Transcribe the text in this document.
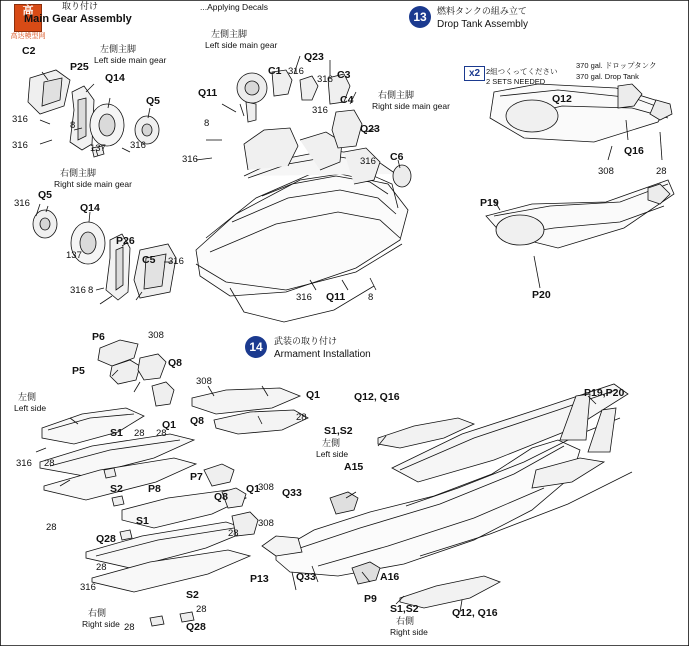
高
高达模型网
取り付け	...Applying Decals
Main Gear Assembly	13	燃料タンクの組み立て
Drop Tank Assembly
x2 2組つくってください
2 SETS NEEDED
370 gal. ドロップタンク
370 gal. Drop Tank
14	武装の取り付け
Armament Installation
左側主脚
Left side main gear
右側主脚
Right side main gear
左側主脚
Left side main gear
右側主脚
Right side main gear
C2
P25
Q14
Q5
316
8
137
316	316
Q5
Q14
137
P26
C5 316
8
316
316
Q11
8
316
C1 316
316 C3
C4
316
Q23
Q23
316 C6
316 Q11 8
Q12
Q16
308	28
P19
P20
P6	308
Q8
P5
308
Q1
Q8
Q1
28
S1 28 28
316 28
P7
308
S2 P8
Q8
Q1
S1
28
308
28
Q28
28
316
S2
28
Q28
28
Q33
Q33
P13
P9
S1,S2
A15
A16
S1,S2
Q12, Q16
Q12, Q16
P19,P20
左側
Left side
右側
Right side
左側
Left side
右側
Right side
